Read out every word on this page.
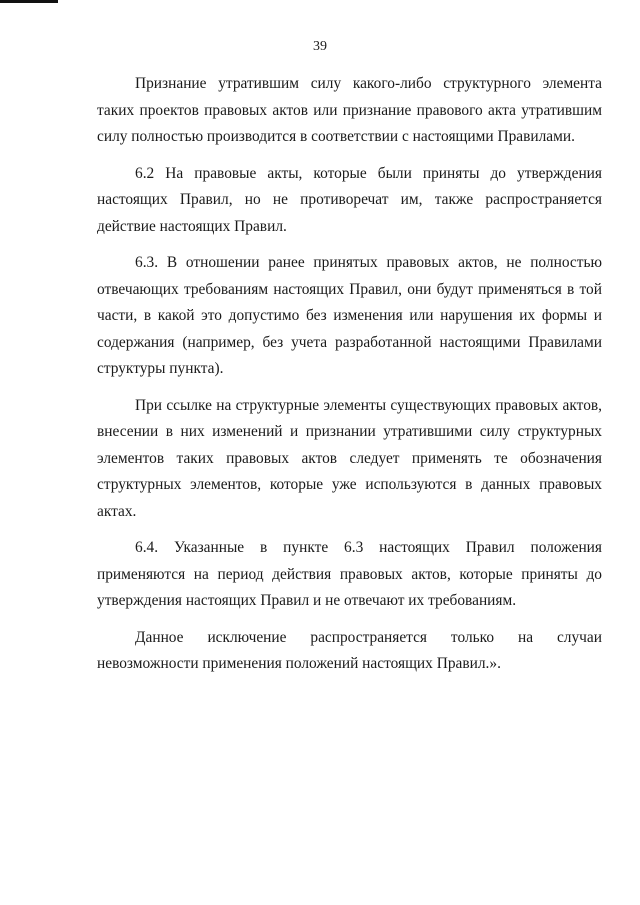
39

Признание утратившим силу какого-либо структурного элемента таких проектов правовых актов или признание правового акта утратившим силу полностью производится в соответствии с настоящими Правилами.

6.2 На правовые акты, которые были приняты до утверждения настоящих Правил, но не противоречат им, также распространяется действие настоящих Правил.

6.3. В отношении ранее принятых правовых актов, не полностью отвечающих требованиям настоящих Правил, они будут применяться в той части, в какой это допустимо без изменения или нарушения их формы и содержания (например, без учета разработанной настоящими Правилами структуры пункта).

При ссылке на структурные элементы существующих правовых актов, внесении в них изменений и признании утратившими силу структурных элементов таких правовых актов следует применять те обозначения структурных элементов, которые уже используются в данных правовых актах.

6.4. Указанные в пункте 6.3 настоящих Правил положения применяются на период действия правовых актов, которые приняты до утверждения настоящих Правил и не отвечают их требованиям.

Данное исключение распространяется только на случаи невозможности применения положений настоящих Правил.».
